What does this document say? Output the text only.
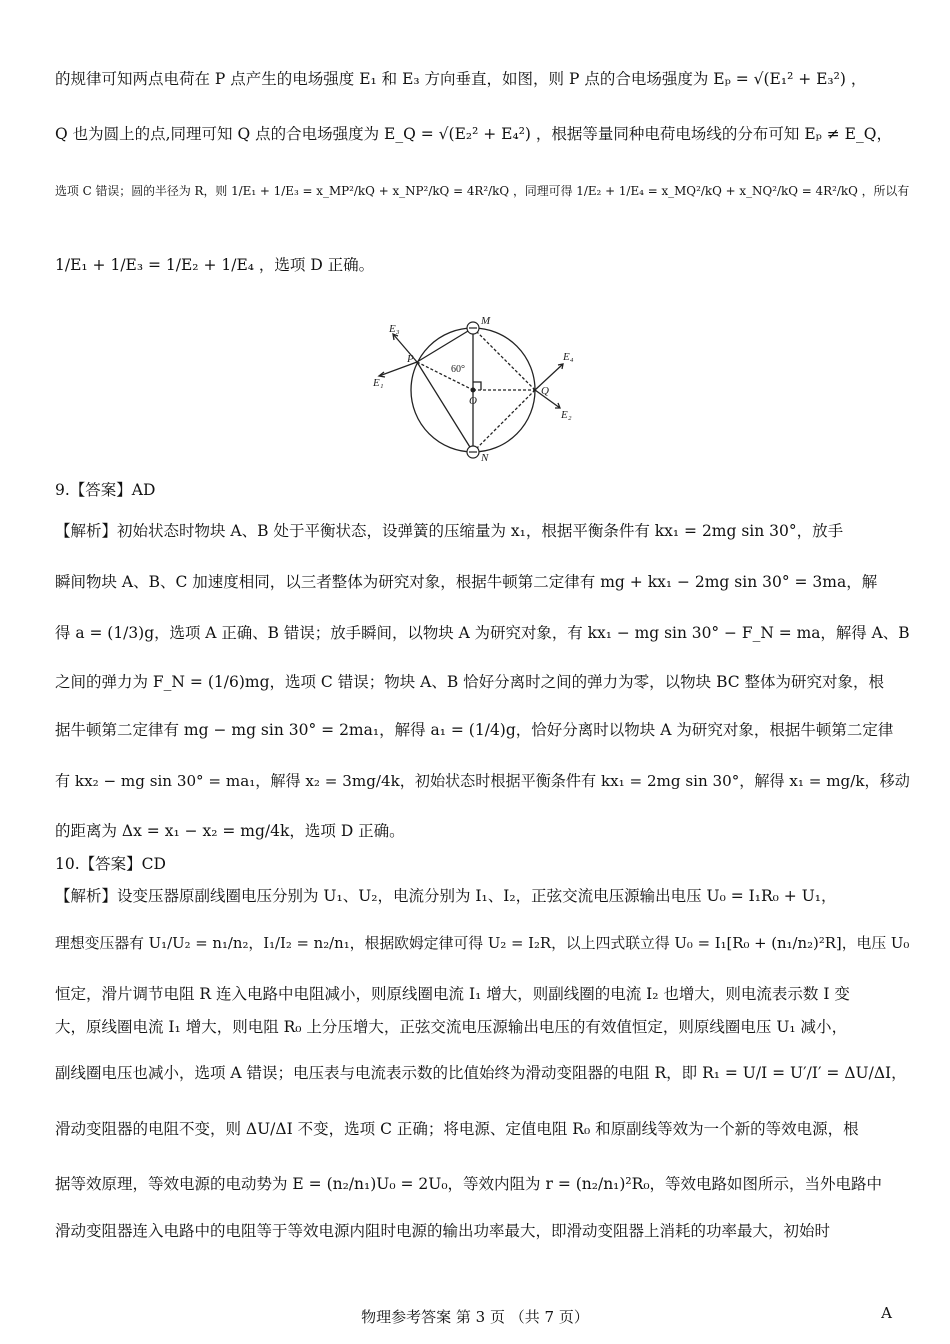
的规律可知两点电荷在 P 点产生的电场强度 E₁ 和 E₃ 方向垂直，如图，则 P 点的合电场强度为 Eₚ = √(E₁² + E₃²) ，
Q 也为圆上的点,同理可知 Q 点的合电场强度为 E_Q = √(E₂² + E₄²) ，根据等量同种电荷电场线的分布可知 Eₚ ≠ E_Q，
选项 C 错误；圆的半径为 R，则 1/E₁ + 1/E₃ = x_MP²/kQ + x_NP²/kQ = 4R²/kQ ，同理可得 1/E₂ + 1/E₄ = x_MQ²/kQ + x_NQ²/kQ = 4R²/kQ ，所以有
1/E₁ + 1/E₃ = 1/E₂ + 1/E₄ ，选项 D 正确。
E₃
M
P
60°
E₄
O
Q
E₁
E₂
N
9.【答案】AD
【解析】初始状态时物块 A、B 处于平衡状态，设弹簧的压缩量为 x₁，根据平衡条件有 kx₁ = 2mg sin 30°，放手
瞬间物块 A、B、C 加速度相同，以三者整体为研究对象，根据牛顿第二定律有 mg + kx₁ − 2mg sin 30° = 3ma，解
得 a = (1/3)g，选项 A 正确、B 错误；放手瞬间，以物块 A 为研究对象，有 kx₁ − mg sin 30° − F_N = ma，解得 A、B
之间的弹力为 F_N = (1/6)mg，选项 C 错误；物块 A、B 恰好分离时之间的弹力为零，以物块 BC 整体为研究对象，根
据牛顿第二定律有 mg − mg sin 30° = 2ma₁，解得 a₁ = (1/4)g，恰好分离时以物块 A 为研究对象，根据牛顿第二定律
有 kx₂ − mg sin 30° = ma₁，解得 x₂ = 3mg/4k，初始状态时根据平衡条件有 kx₁ = 2mg sin 30°，解得 x₁ = mg/k，移动
的距离为 Δx = x₁ − x₂ = mg/4k，选项 D 正确。
10.【答案】CD
【解析】设变压器原副线圈电压分别为 U₁、U₂，电流分别为 I₁、I₂，正弦交流电压源输出电压 U₀ = I₁R₀ + U₁，
理想变压器有 U₁/U₂ = n₁/n₂，I₁/I₂ = n₂/n₁，根据欧姆定律可得 U₂ = I₂R，以上四式联立得 U₀ = I₁[R₀ + (n₁/n₂)²R]，电压 U₀
恒定，滑片调节电阻 R 连入电路中电阻减小，则原线圈电流 I₁ 增大，则副线圈的电流 I₂ 也增大，则电流表示数 I 变
大，原线圈电流 I₁ 增大，则电阻 R₀ 上分压增大，正弦交流电压源输出电压的有效值恒定，则原线圈电压 U₁ 减小，
副线圈电压也减小，选项 A 错误；电压表与电流表示数的比值始终为滑动变阻器的电阻 R，即 R₁ = U/I = U′/I′ = ΔU/ΔI，
滑动变阻器的电阻不变，则 ΔU/ΔI 不变，选项 C 正确；将电源、定值电阻 R₀ 和原副线等效为一个新的等效电源，根
据等效原理，等效电源的电动势为 E = (n₂/n₁)U₀ = 2U₀，等效内阻为 r = (n₂/n₁)²R₀，等效电路如图所示，当外电路中
滑动变阻器连入电路中的电阻等于等效电源内阻时电源的输出功率最大，即滑动变阻器上消耗的功率最大，初始时
物理参考答案 第 3 页 （共 7 页）	A
